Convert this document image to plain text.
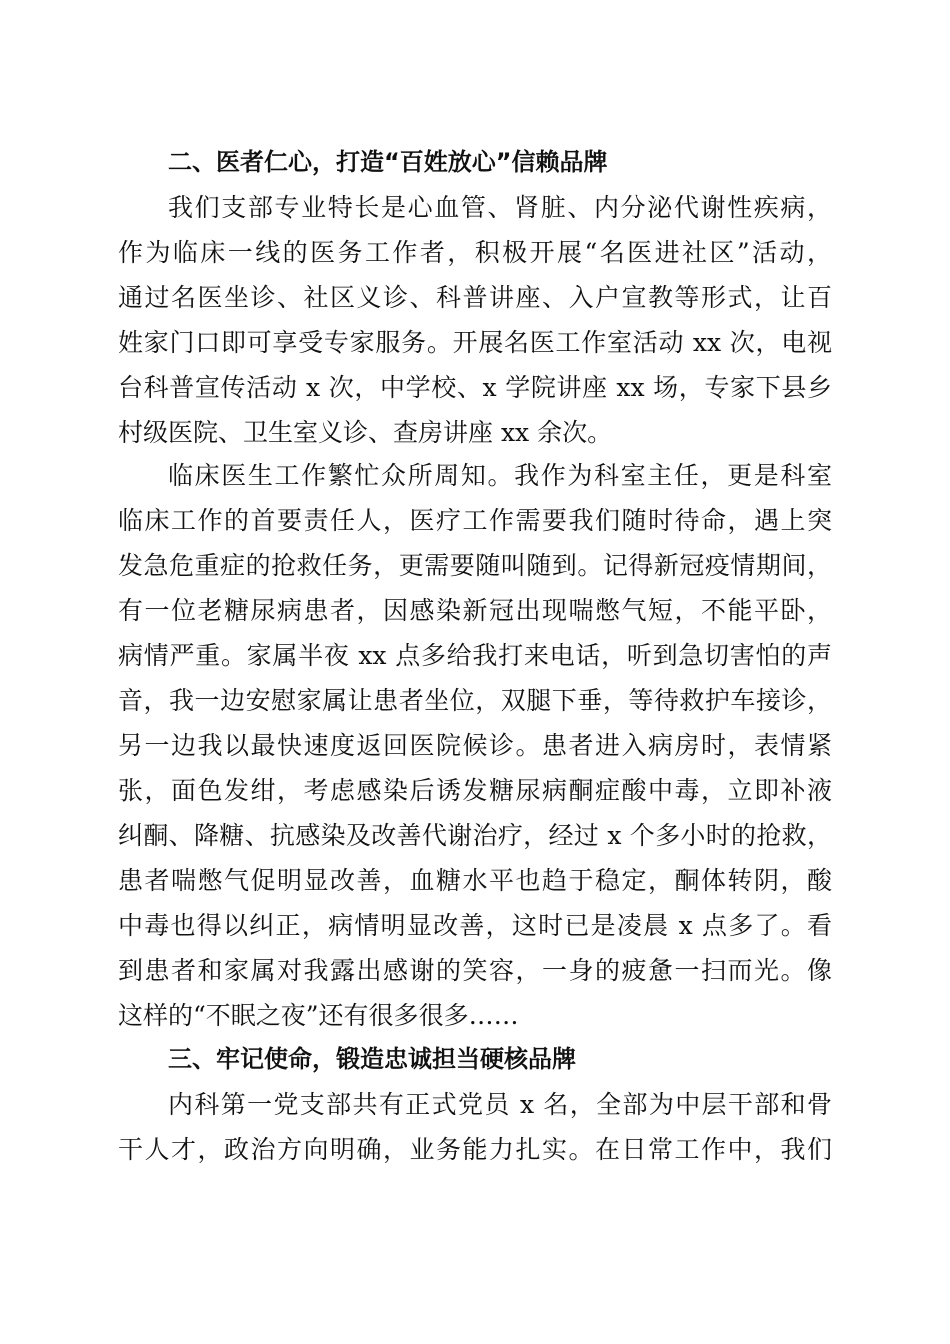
二、医者仁心，打造“百姓放心”信赖品牌
我们支部专业特长是心血管、肾脏、内分泌代谢性疾病，
作为临床一线的医务工作者，积极开展“名医进社区”活动，
通过名医坐诊、社区义诊、科普讲座、入户宣教等形式，让百
姓家门口即可享受专家服务。开展名医工作室活动 xx 次，电视
台科普宣传活动 x 次，中学校、x 学院讲座 xx 场，专家下县乡
村级医院、卫生室义诊、查房讲座 xx 余次。
临床医生工作繁忙众所周知。我作为科室主任，更是科室
临床工作的首要责任人，医疗工作需要我们随时待命，遇上突
发急危重症的抢救任务，更需要随叫随到。记得新冠疫情期间，
有一位老糖尿病患者，因感染新冠出现喘憋气短，不能平卧，
病情严重。家属半夜 xx 点多给我打来电话，听到急切害怕的声
音，我一边安慰家属让患者坐位，双腿下垂，等待救护车接诊，
另一边我以最快速度返回医院候诊。患者进入病房时，表情紧
张，面色发绀，考虑感染后诱发糖尿病酮症酸中毒，立即补液
纠酮、降糖、抗感染及改善代谢治疗，经过 x 个多小时的抢救，
患者喘憋气促明显改善，血糖水平也趋于稳定，酮体转阴，酸
中毒也得以纠正，病情明显改善，这时已是凌晨 x 点多了。看
到患者和家属对我露出感谢的笑容，一身的疲惫一扫而光。像
这样的“不眠之夜”还有很多很多……
三、牢记使命，锻造忠诚担当硬核品牌
内科第一党支部共有正式党员 x 名，全部为中层干部和骨
干人才，政治方向明确，业务能力扎实。在日常工作中，我们
